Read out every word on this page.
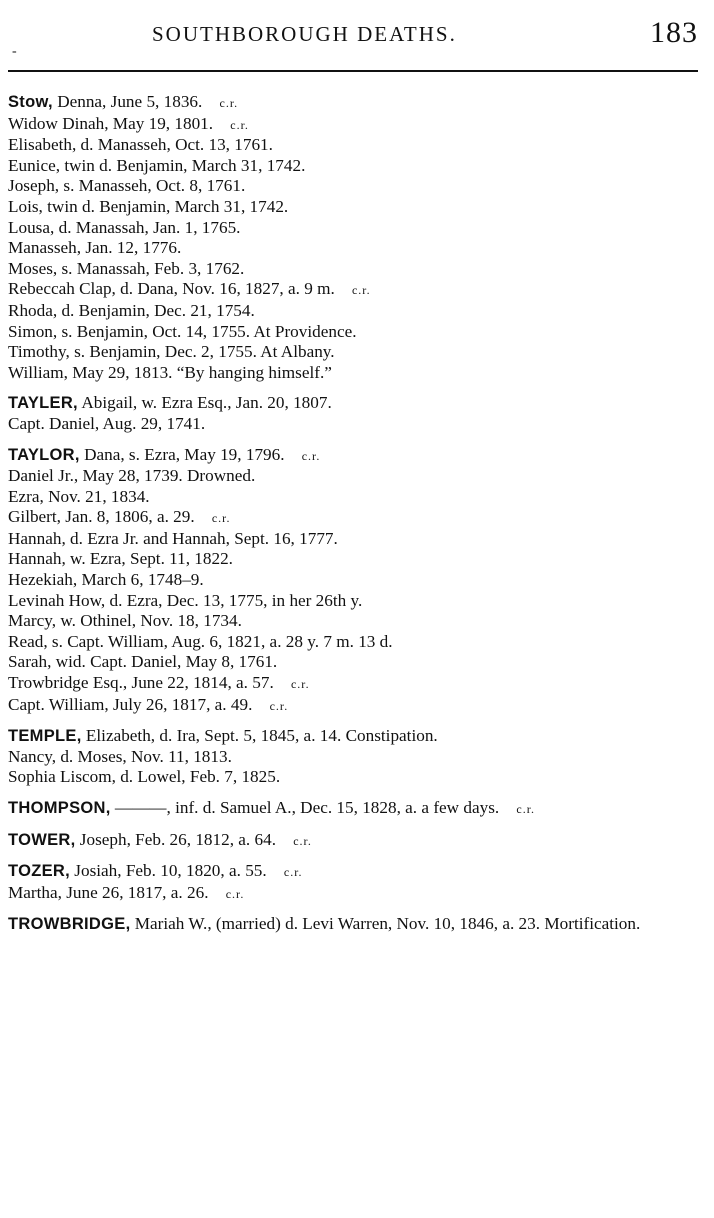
-
SOUTHBOROUGH DEATHS.	183

Stow, Denna, June 5, 1836.  c.r.

Widow Dinah, May 19, 1801.  c.r.

Elisabeth, d. Manasseh, Oct. 13, 1761.

Eunice, twin d. Benjamin, March 31, 1742.

Joseph, s. Manasseh, Oct. 8, 1761.

Lois, twin d. Benjamin, March 31, 1742.

Lousa, d. Manassah, Jan. 1, 1765.

Manasseh, Jan. 12, 1776.

Moses, s. Manassah, Feb. 3, 1762.

Rebeccah Clap, d. Dana, Nov. 16, 1827, a. 9 m.  c.r.

Rhoda, d. Benjamin, Dec. 21, 1754.

Simon, s. Benjamin, Oct. 14, 1755. At Providence.

Timothy, s. Benjamin, Dec. 2, 1755. At Albany.

William, May 29, 1813. “By hanging himself.”

TAYLER, Abigail, w. Ezra Esq., Jan. 20, 1807.

Capt. Daniel, Aug. 29, 1741.

TAYLOR, Dana, s. Ezra, May 19, 1796.  c.r.

Daniel Jr., May 28, 1739. Drowned.

Ezra, Nov. 21, 1834.

Gilbert, Jan. 8, 1806, a. 29.  c.r.

Hannah, d. Ezra Jr. and Hannah, Sept. 16, 1777.

Hannah, w. Ezra, Sept. 11, 1822.

Hezekiah, March 6, 1748–9.

Levinah How, d. Ezra, Dec. 13, 1775, in her 26th y.

Marcy, w. Othinel, Nov. 18, 1734.

Read, s. Capt. William, Aug. 6, 1821, a. 28 y. 7 m. 13 d.

Sarah, wid. Capt. Daniel, May 8, 1761.

Trowbridge Esq., June 22, 1814, a. 57.  c.r.

Capt. William, July 26, 1817, a. 49.  c.r.

TEMPLE, Elizabeth, d. Ira, Sept. 5, 1845, a. 14. Constipation.

Nancy, d. Moses, Nov. 11, 1813.

Sophia Liscom, d. Lowel, Feb. 7, 1825.

THOMPSON, ———, inf. d. Samuel A., Dec. 15, 1828, a. a few days.  c.r.

TOWER, Joseph, Feb. 26, 1812, a. 64.  c.r.

TOZER, Josiah, Feb. 10, 1820, a. 55.  c.r.

Martha, June 26, 1817, a. 26.  c.r.

TROWBRIDGE, Mariah W., (married) d. Levi Warren, Nov. 10, 1846, a. 23. Mortification.
